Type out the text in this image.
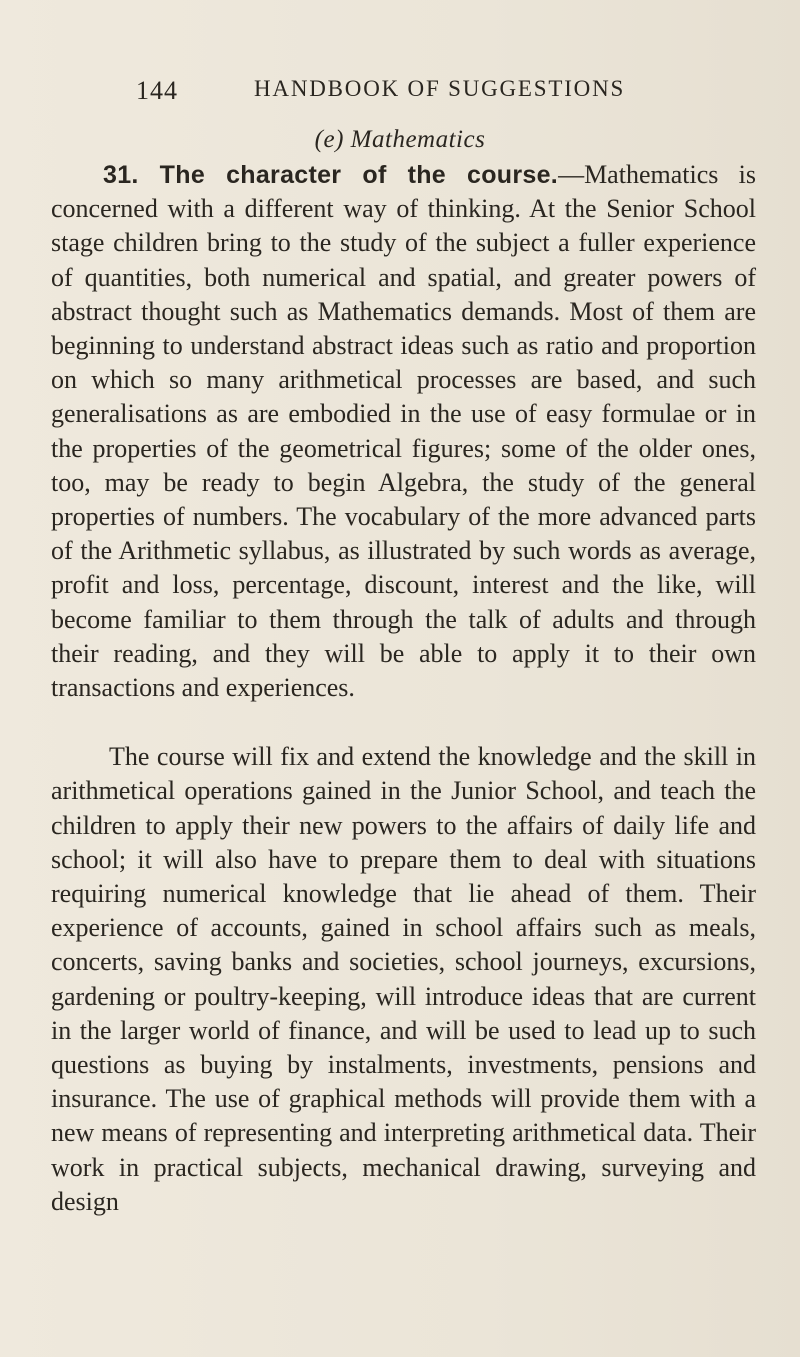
144	HANDBOOK OF SUGGESTIONS
(e) Mathematics

31. The character of the course.—Mathematics is concerned with a different way of thinking. At the Senior School stage children bring to the study of the subject a fuller experience of quantities, both numerical and spatial, and greater powers of abstract thought such as Mathematics demands. Most of them are beginning to understand abstract ideas such as ratio and proportion on which so many arithmetical processes are based, and such generalisations as are embodied in the use of easy formulae or in the properties of the geometrical figures; some of the older ones, too, may be ready to begin Algebra, the study of the general properties of numbers. The vocabulary of the more advanced parts of the Arithmetic syllabus, as illustrated by such words as average, profit and loss, percentage, discount, interest and the like, will become familiar to them through the talk of adults and through their reading, and they will be able to apply it to their own transactions and experiences.

The course will fix and extend the knowledge and the skill in arithmetical operations gained in the Junior School, and teach the children to apply their new powers to the affairs of daily life and school; it will also have to prepare them to deal with situations requiring numerical knowledge that lie ahead of them. Their experience of accounts, gained in school affairs such as meals, concerts, saving banks and societies, school journeys, excursions, gardening or poultry-keeping, will introduce ideas that are current in the larger world of finance, and will be used to lead up to such questions as buying by instalments, investments, pensions and insurance. The use of graphical methods will provide them with a new means of representing and interpreting arithmetical data. Their work in practical subjects, mechanical drawing, surveying and design
